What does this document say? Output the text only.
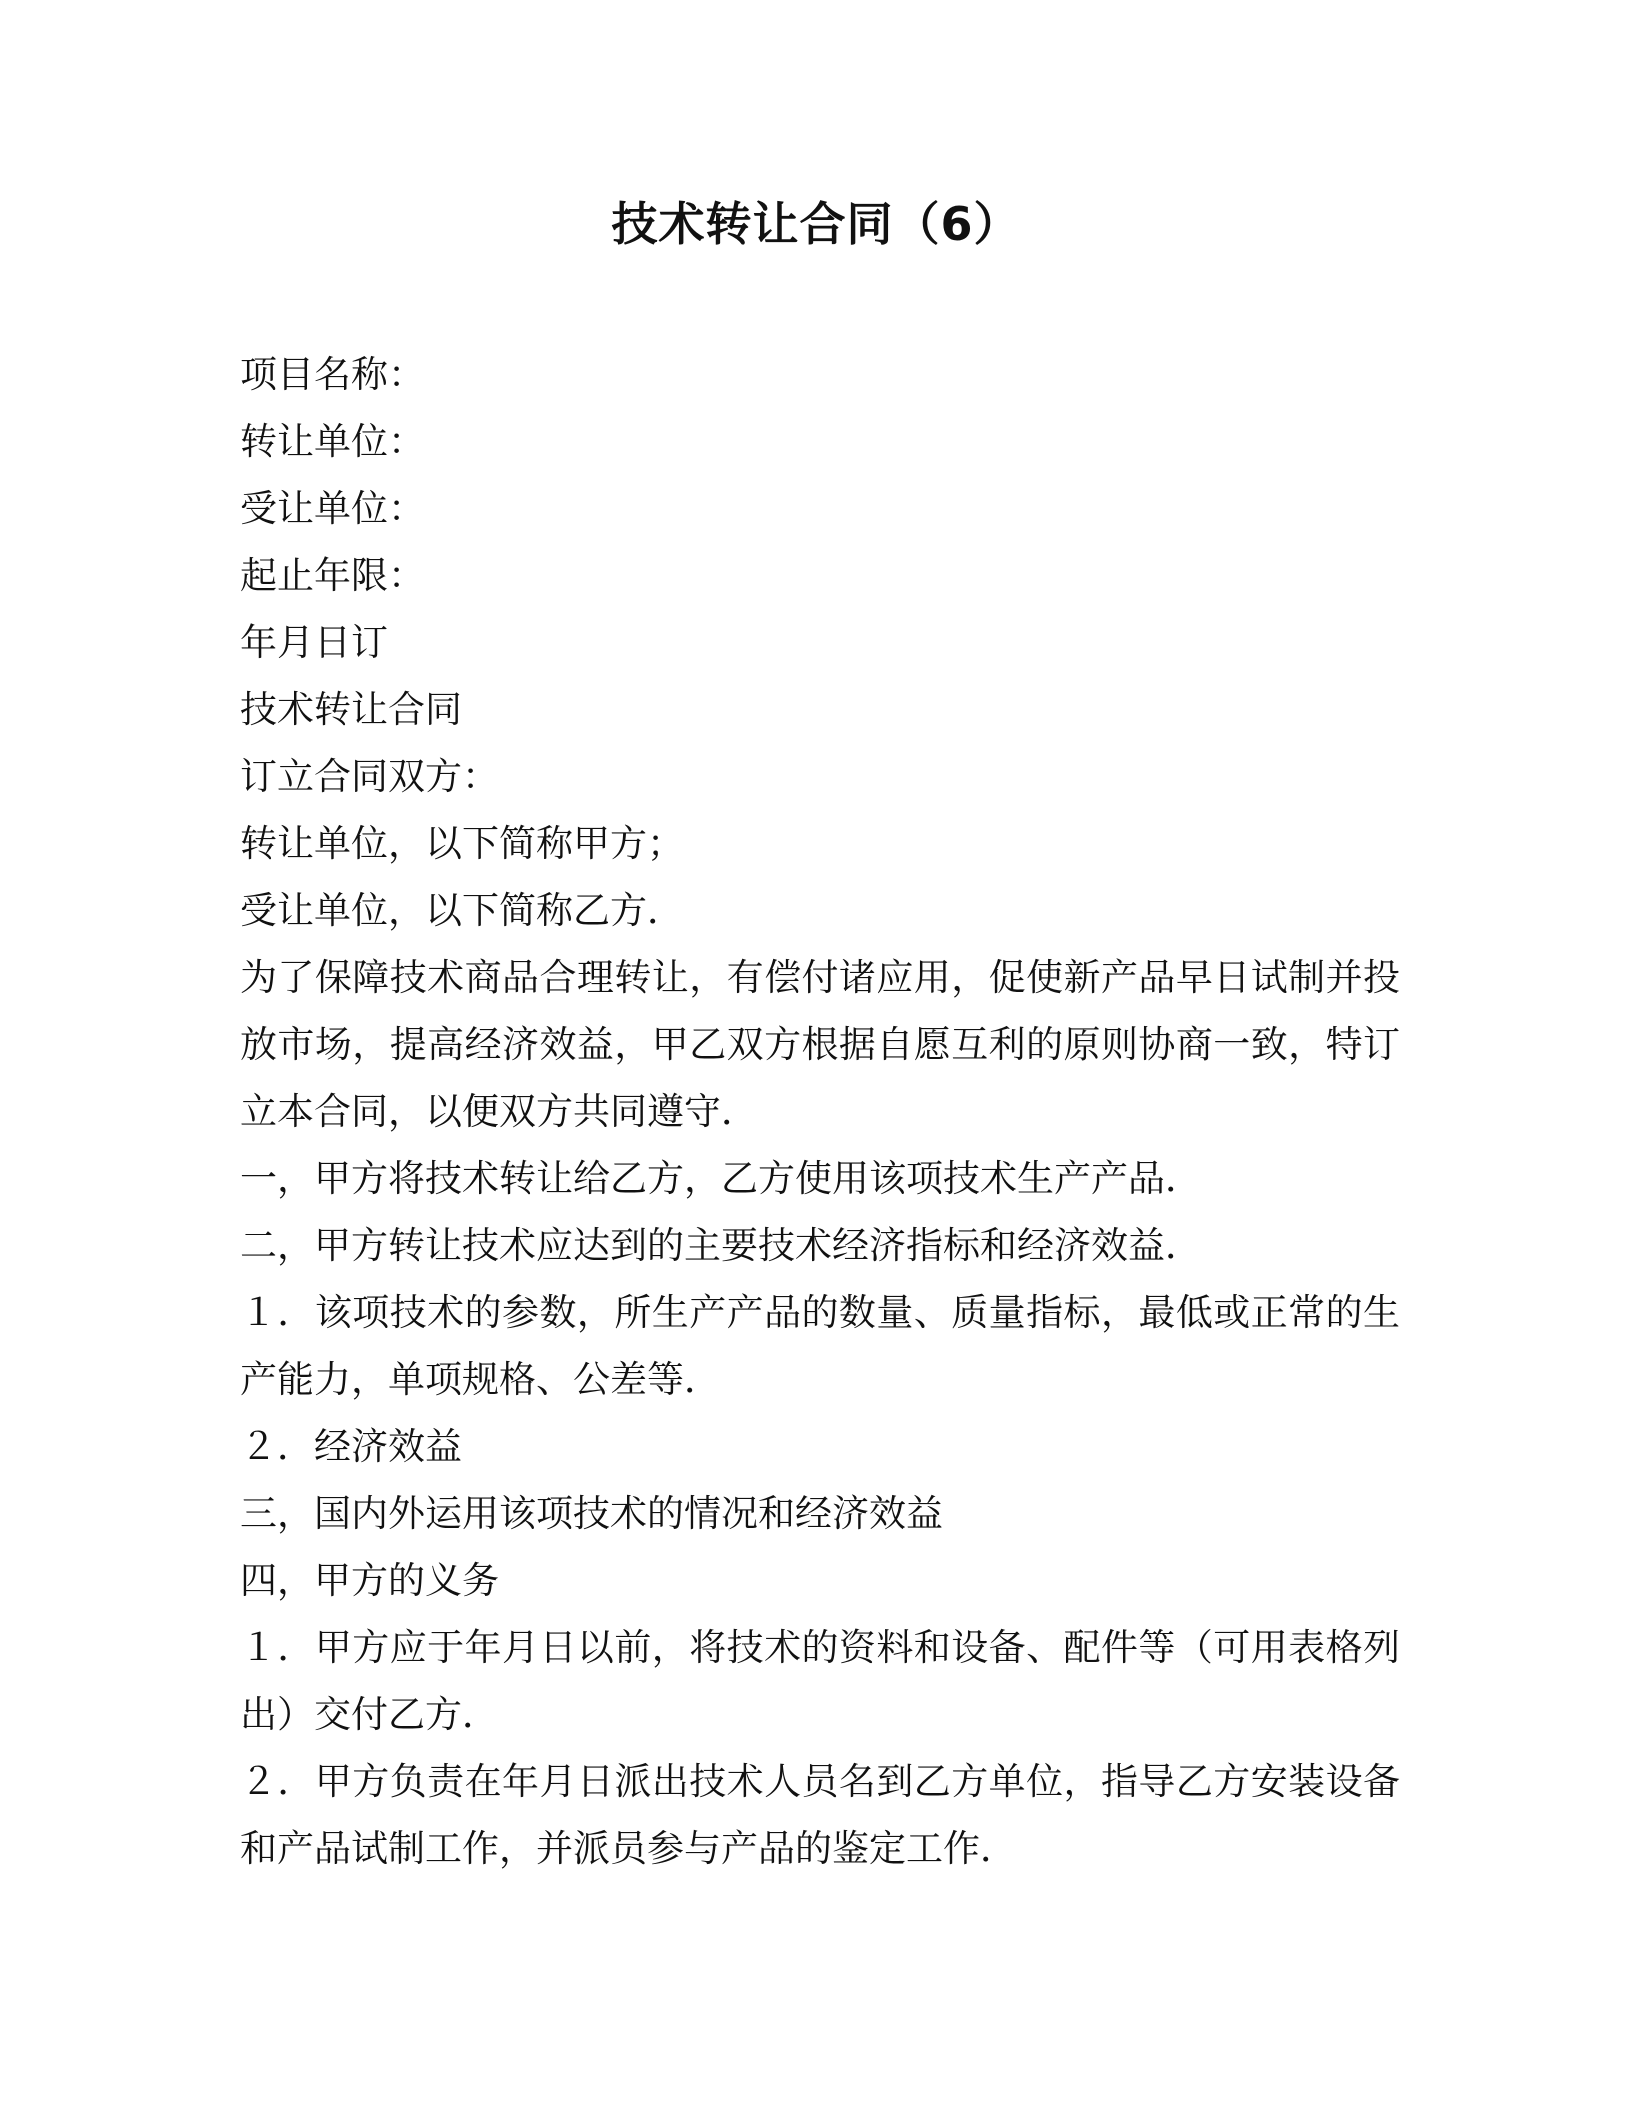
技术转让合同（6）
项目名称：
转让单位：
受让单位：
起止年限：
年月日订
技术转让合同
订立合同双方：
转让单位，以下简称甲方；
受让单位，以下简称乙方．
为了保障技术商品合理转让，有偿付诸应用，促使新产品早日试制并投放市场，提高经济效益，甲乙双方根据自愿互利的原则协商一致，特订立本合同，以便双方共同遵守．
一，甲方将技术转让给乙方，乙方使用该项技术生产产品．
二，甲方转让技术应达到的主要技术经济指标和经济效益．
１．该项技术的参数，所生产产品的数量、质量指标，最低或正常的生产能力，单项规格、公差等．
２．经济效益
三，国内外运用该项技术的情况和经济效益
四，甲方的义务
１．甲方应于年月日以前，将技术的资料和设备、配件等（可用表格列出）交付乙方．
２．甲方负责在年月日派出技术人员名到乙方单位，指导乙方安装设备和产品试制工作，并派员参与产品的鉴定工作．
